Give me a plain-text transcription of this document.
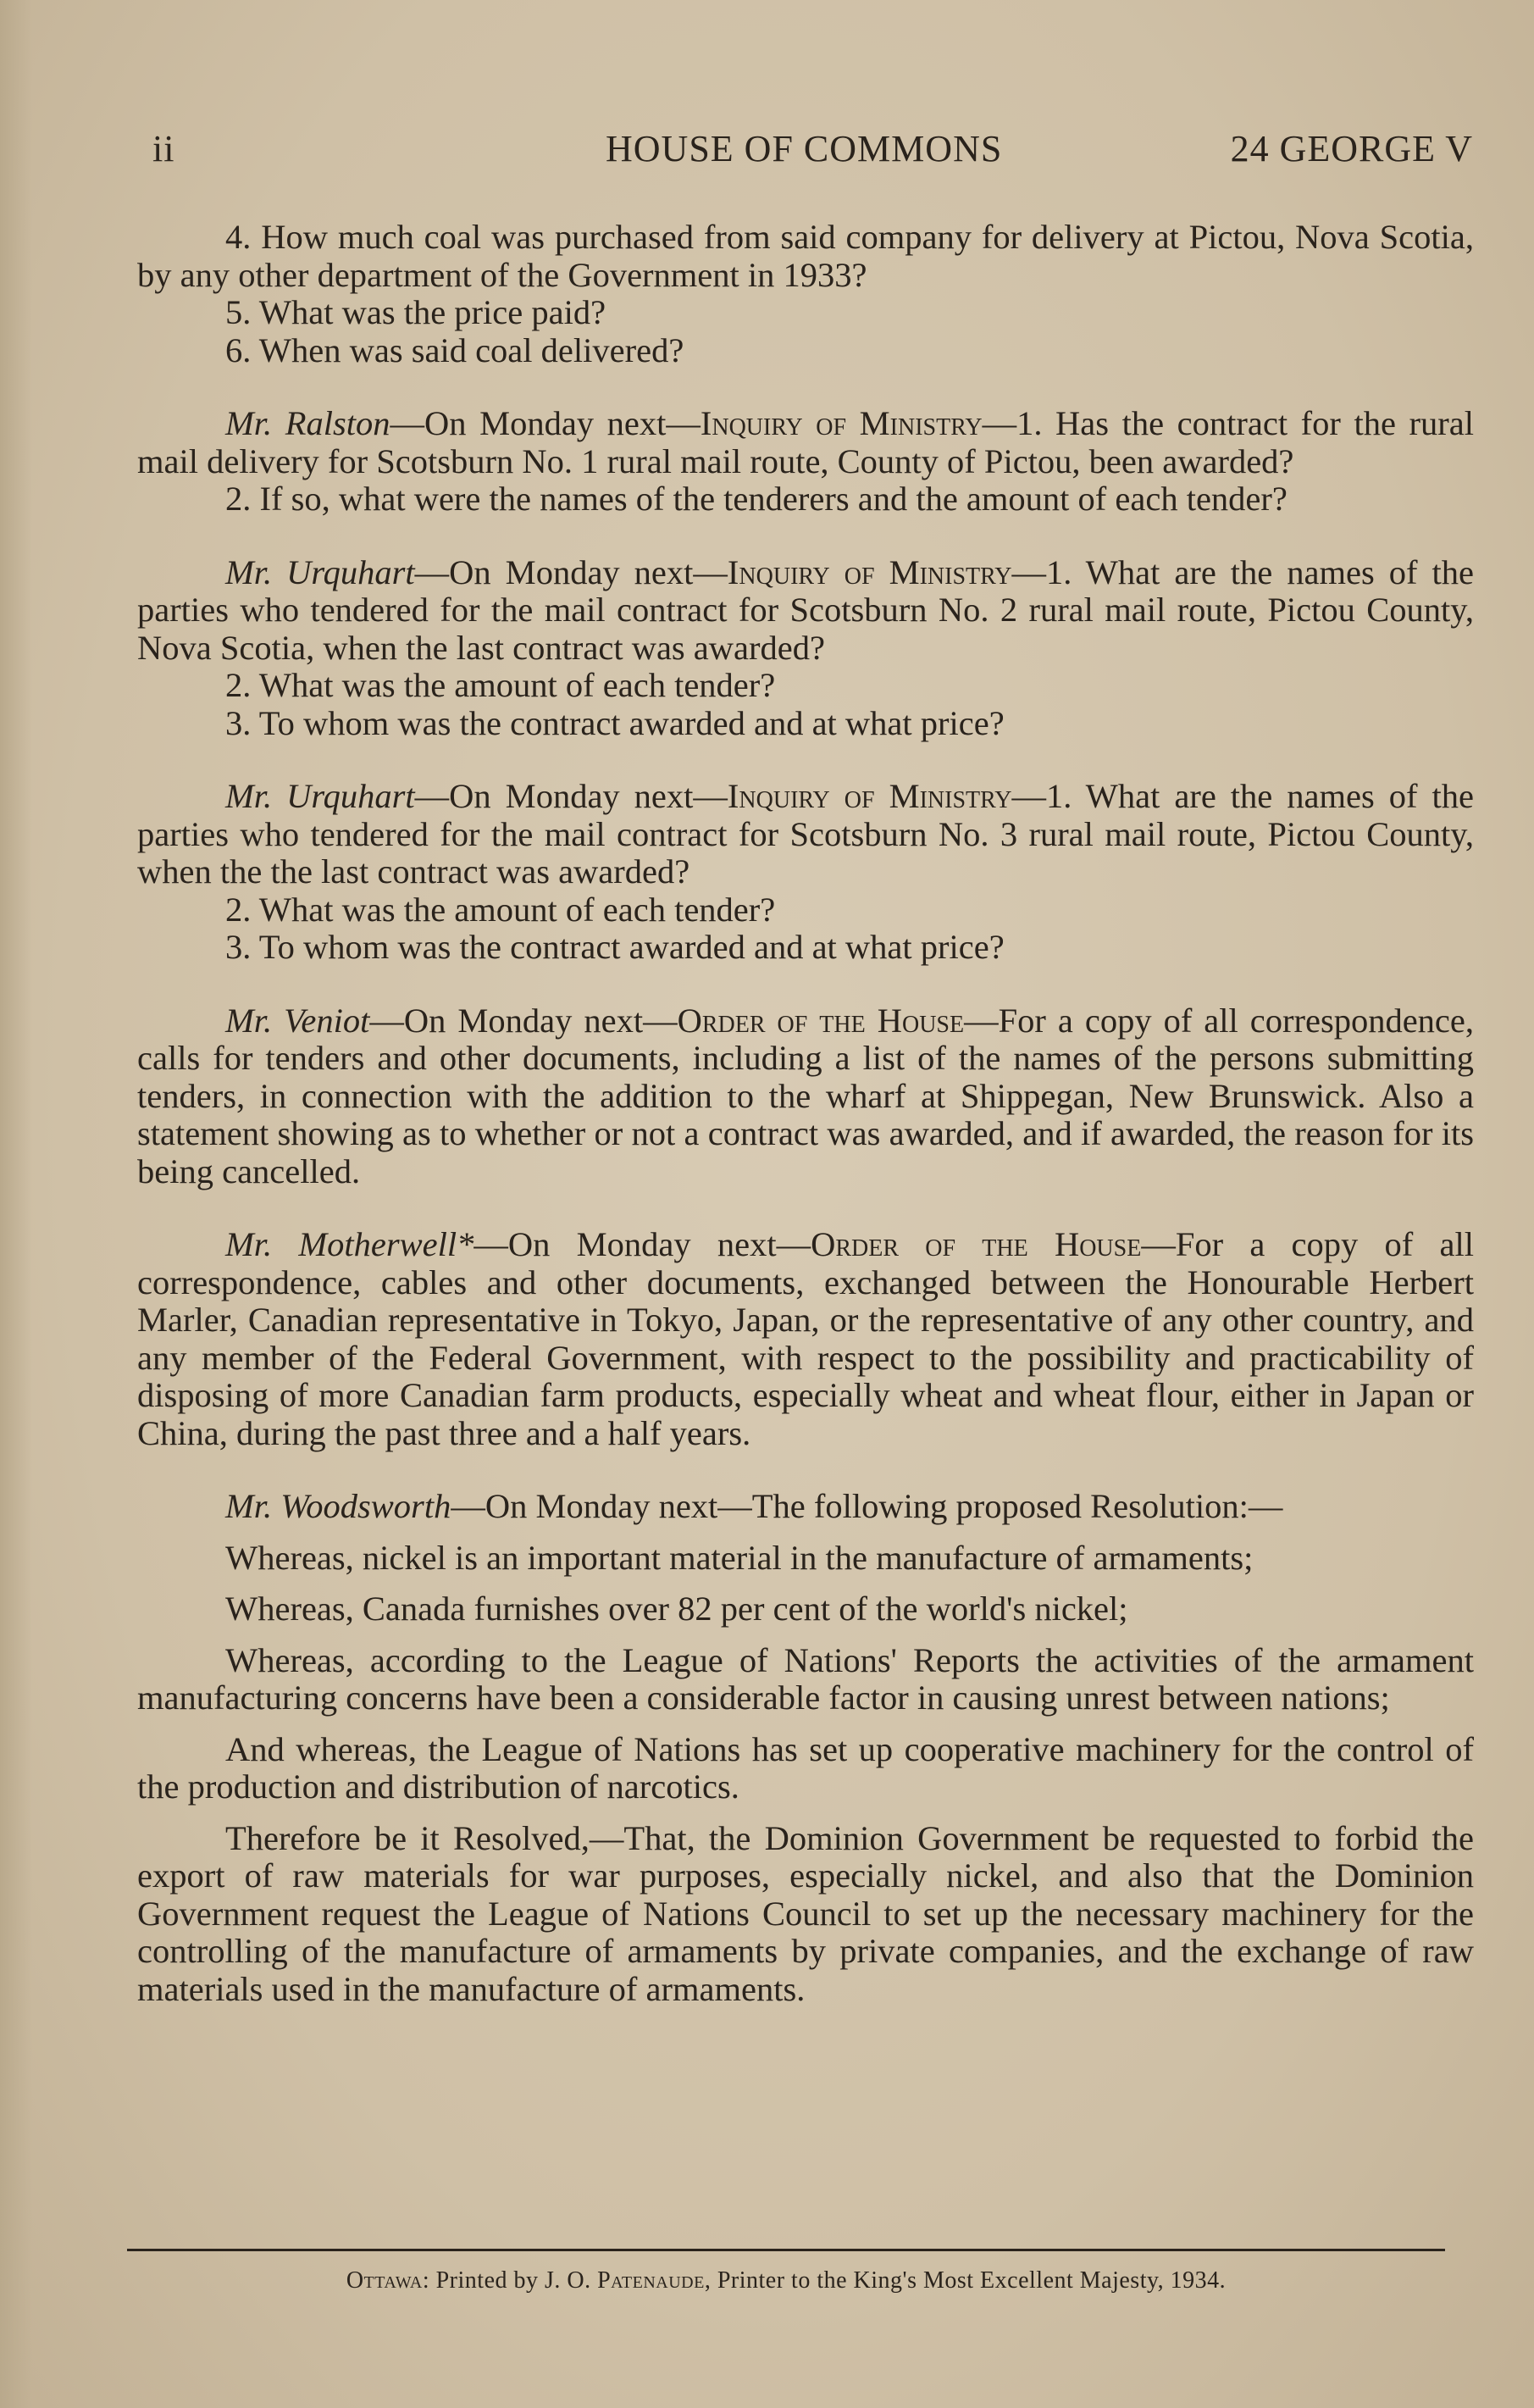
ii	HOUSE OF COMMONS	24 GEORGE V

4. How much coal was purchased from said company for delivery at Pictou, Nova Scotia, by any other department of the Government in 1933?

5. What was the price paid?

6. When was said coal delivered?

Mr. Ralston—On Monday next—Inquiry of Ministry—1. Has the contract for the rural mail delivery for Scotsburn No. 1 rural mail route, County of Pictou, been awarded?

2. If so, what were the names of the tenderers and the amount of each tender?

Mr. Urquhart—On Monday next—Inquiry of Ministry—1. What are the names of the parties who tendered for the mail contract for Scotsburn No. 2 rural mail route, Pictou County, Nova Scotia, when the last contract was awarded?

2. What was the amount of each tender?

3. To whom was the contract awarded and at what price?

Mr. Urquhart—On Monday next—Inquiry of Ministry—1. What are the names of the parties who tendered for the mail contract for Scotsburn No. 3 rural mail route, Pictou County, when the the last contract was awarded?

2. What was the amount of each tender?

3. To whom was the contract awarded and at what price?

Mr. Veniot—On Monday next—Order of the House—For a copy of all correspondence, calls for tenders and other documents, including a list of the names of the persons submitting tenders, in connection with the addition to the wharf at Shippegan, New Brunswick. Also a statement showing as to whether or not a contract was awarded, and if awarded, the reason for its being cancelled.

Mr. Motherwell*—On Monday next—Order of the House—For a copy of all correspondence, cables and other documents, exchanged between the Honourable Herbert Marler, Canadian representative in Tokyo, Japan, or the representative of any other country, and any member of the Federal Government, with respect to the possibility and practicability of disposing of more Canadian farm products, especially wheat and wheat flour, either in Japan or China, during the past three and a half years.

Mr. Woodsworth—On Monday next—The following proposed Resolution:—

Whereas, nickel is an important material in the manufacture of armaments;

Whereas, Canada furnishes over 82 per cent of the world's nickel;

Whereas, according to the League of Nations' Reports the activities of the armament manufacturing concerns have been a considerable factor in causing unrest between nations;

And whereas, the League of Nations has set up cooperative machinery for the control of the production and distribution of narcotics.

Therefore be it Resolved,—That, the Dominion Government be requested to forbid the export of raw materials for war purposes, especially nickel, and also that the Dominion Government request the League of Nations Council to set up the necessary machinery for the controlling of the manufacture of armaments by private companies, and the exchange of raw materials used in the manufacture of armaments.

Ottawa: Printed by J. O. Patenaude, Printer to the King's Most Excellent Majesty, 1934.
